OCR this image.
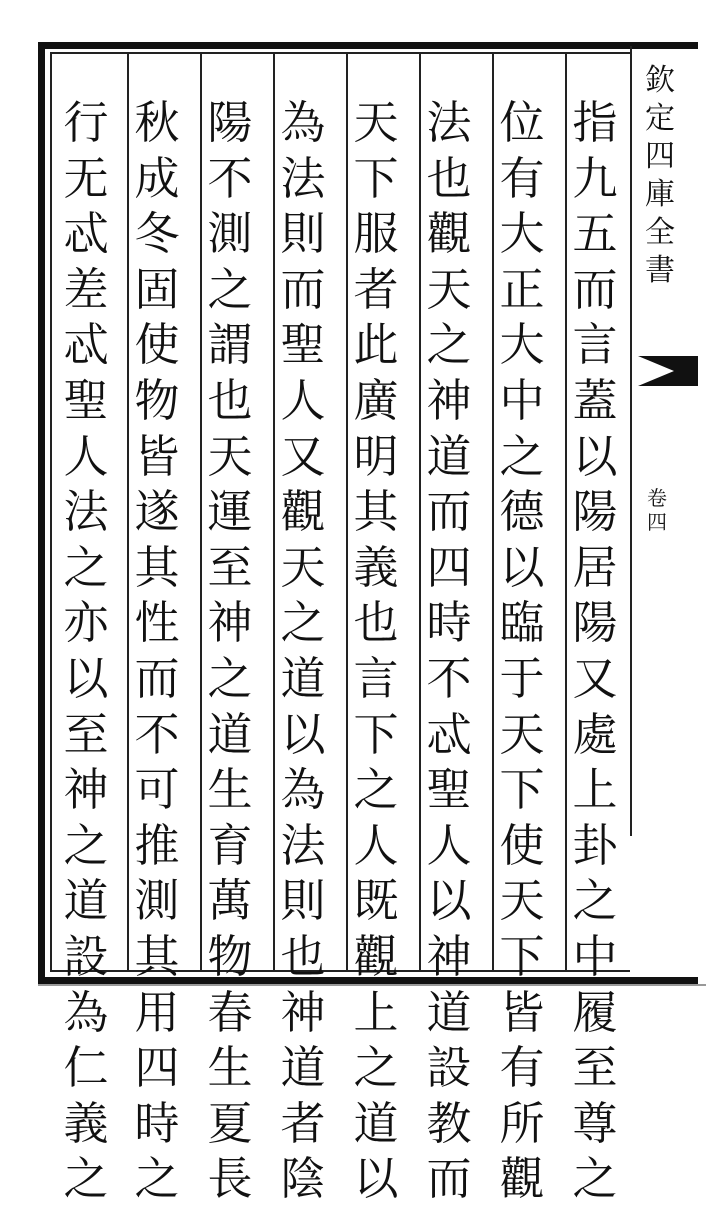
指
九
五
而
言
蓋
以
陽
居
陽
又
處
上
卦
之
中
履
至
尊
之
位
有
大
正
大
中
之
德
以
臨
于
天
下
使
天
下
皆
有
所
觀
法
也
觀
天
之
神
道
而
四
時
不
忒
聖
人
以
神
道
設
教
而
天
下
服
者
此
廣
明
其
義
也
言
下
之
人
既
觀
上
之
道
以
為
法
則
而
聖
人
又
觀
天
之
道
以
為
法
則
也
神
道
者
陰
陽
不
測
之
謂
也
天
運
至
神
之
道
生
育
萬
物
春
生
夏
長
秋
成
冬
固
使
物
皆
遂
其
性
而
不
可
推
測
其
用
四
時
之
行
无
忒
差
忒
聖
人
法
之
亦
以
至
神
之
道
設
為
仁
義
之
欽
定
四
庫
全
書
卷
四
